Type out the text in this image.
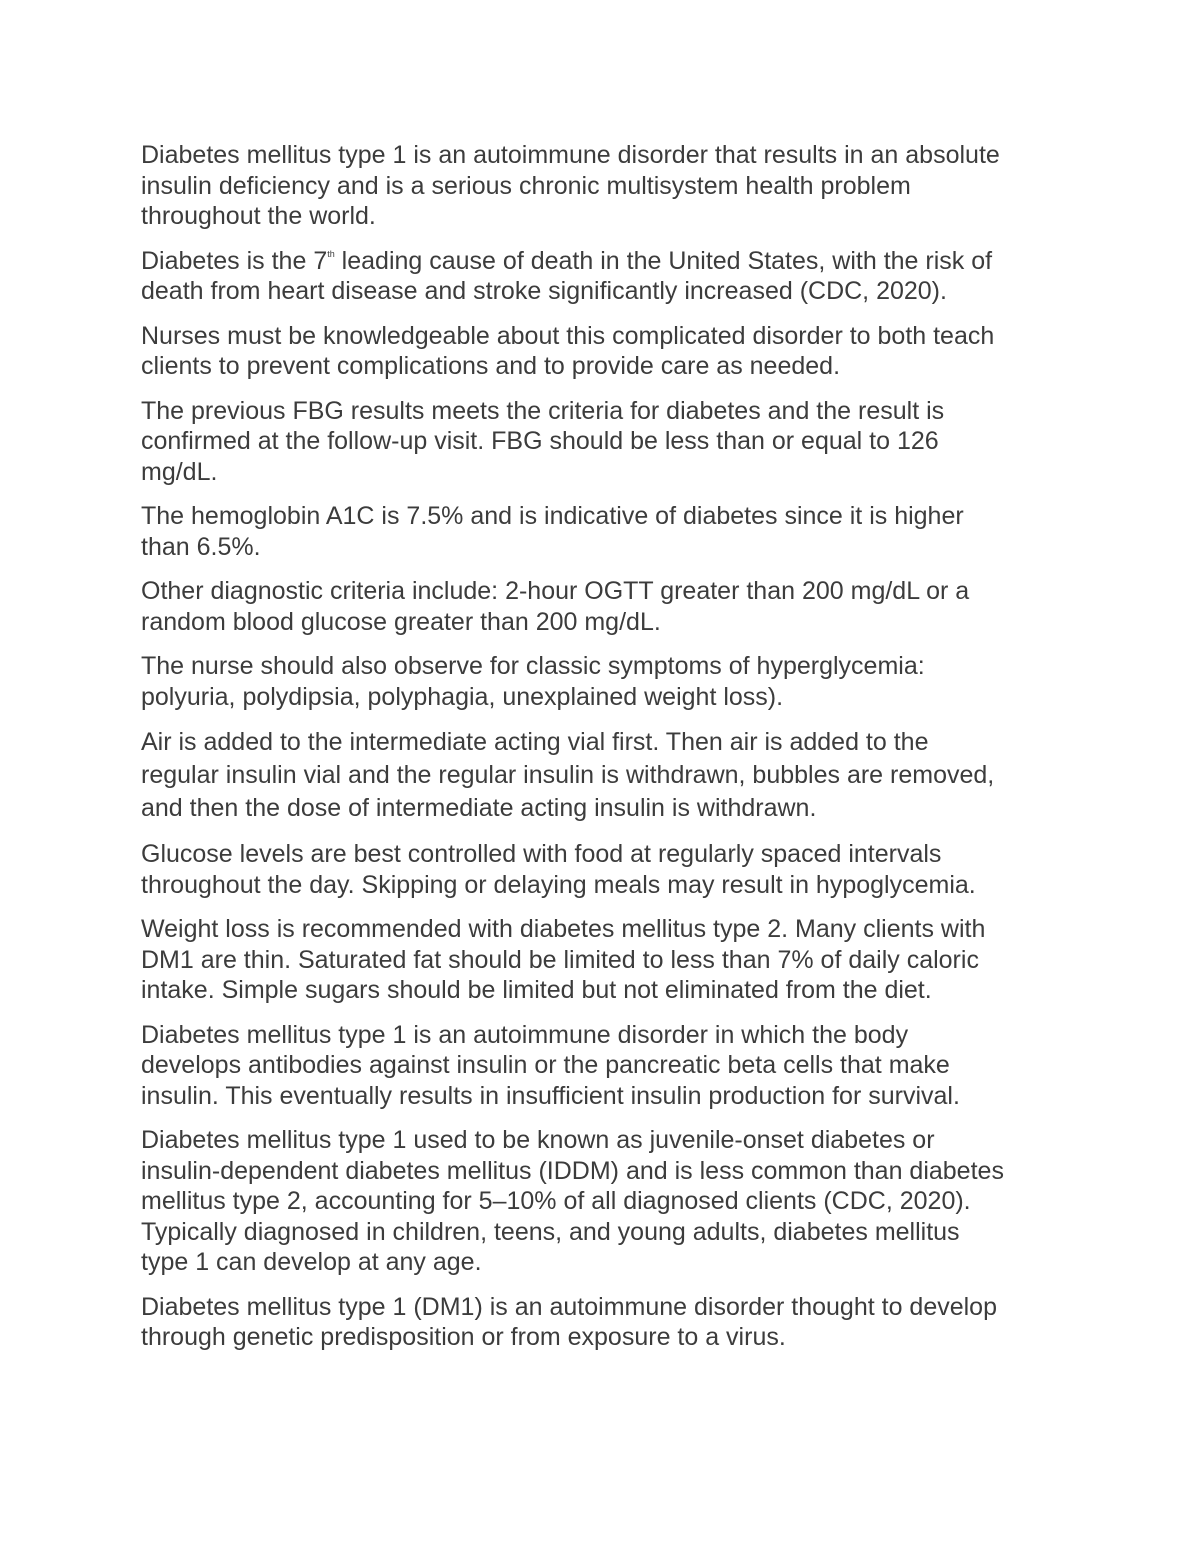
Diabetes mellitus type 1 is an autoimmune disorder that results in an absolute
insulin deficiency and is a serious chronic multisystem health problem
throughout the world.

Diabetes is the 7th leading cause of death in the United States, with the risk of
death from heart disease and stroke significantly increased (CDC, 2020).

Nurses must be knowledgeable about this complicated disorder to both teach
clients to prevent complications and to provide care as needed.

The previous FBG results meets the criteria for diabetes and the result is
confirmed at the follow-up visit. FBG should be less than or equal to 126
mg/dL.

The hemoglobin A1C is 7.5% and is indicative of diabetes since it is higher
than 6.5%.

Other diagnostic criteria include: 2-hour OGTT greater than 200 mg/dL or a
random blood glucose greater than 200 mg/dL.

The nurse should also observe for classic symptoms of hyperglycemia:
polyuria, polydipsia, polyphagia, unexplained weight loss).

Air is added to the intermediate acting vial first. Then air is added to the
regular insulin vial and the regular insulin is withdrawn, bubbles are removed,
and then the dose of intermediate acting insulin is withdrawn.

Glucose levels are best controlled with food at regularly spaced intervals
throughout the day. Skipping or delaying meals may result in hypoglycemia.

Weight loss is recommended with diabetes mellitus type 2. Many clients with
DM1 are thin. Saturated fat should be limited to less than 7% of daily caloric
intake. Simple sugars should be limited but not eliminated from the diet.

Diabetes mellitus type 1 is an autoimmune disorder in which the body
develops antibodies against insulin or the pancreatic beta cells that make
insulin. This eventually results in insufficient insulin production for survival.

Diabetes mellitus type 1 used to be known as juvenile-onset diabetes or
insulin-dependent diabetes mellitus (IDDM) and is less common than diabetes
mellitus type 2, accounting for 5–10% of all diagnosed clients (CDC, 2020).
Typically diagnosed in children, teens, and young adults, diabetes mellitus
type 1 can develop at any age.

Diabetes mellitus type 1 (DM1) is an autoimmune disorder thought to develop
through genetic predisposition or from exposure to a virus.
